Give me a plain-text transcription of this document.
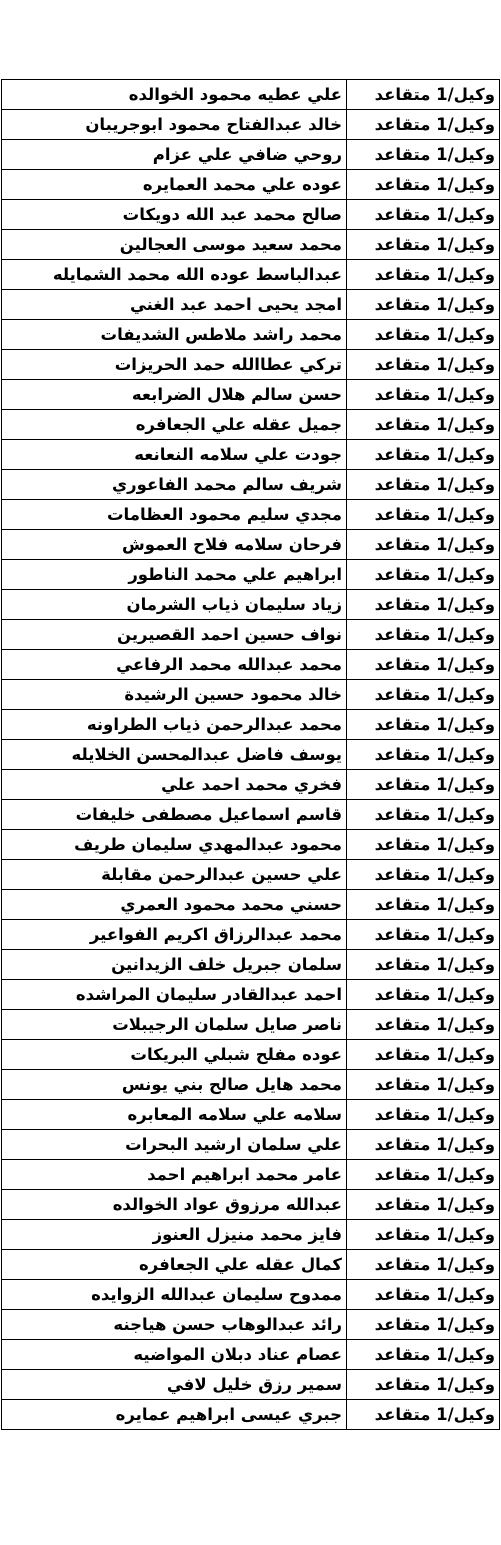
وكيل/1 متقاعد	علي عطيه محمود الخوالده
وكيل/1 متقاعد	خالد عبدالفتاح محمود ابوجريبان
وكيل/1 متقاعد	روحي ضافي علي عزام
وكيل/1 متقاعد	عوده علي محمد العمايره
وكيل/1 متقاعد	صالح محمد عبد الله دويكات
وكيل/1 متقاعد	محمد سعيد موسى العجالين
وكيل/1 متقاعد	عبدالباسط عوده الله محمد الشمايله
وكيل/1 متقاعد	امجد يحيى احمد عبد الغني
وكيل/1 متقاعد	محمد راشد ملاطس الشديفات
وكيل/1 متقاعد	تركي عطاالله حمد الحريزات
وكيل/1 متقاعد	حسن سالم هلال الضرابعه
وكيل/1 متقاعد	جميل عقله علي الجعافره
وكيل/1 متقاعد	جودت علي سلامه النعانعه
وكيل/1 متقاعد	شريف سالم محمد الفاعوري
وكيل/1 متقاعد	مجدي سليم محمود العظامات
وكيل/1 متقاعد	فرحان سلامه فلاح العموش
وكيل/1 متقاعد	ابراهيم علي محمد الناطور
وكيل/1 متقاعد	زياد سليمان ذياب الشرمان
وكيل/1 متقاعد	نواف حسين احمد القصيرين
وكيل/1 متقاعد	محمد عبدالله محمد الرفاعي
وكيل/1 متقاعد	خالد محمود حسين الرشيدة
وكيل/1 متقاعد	محمد عبدالرحمن ذياب الطراونه
وكيل/1 متقاعد	يوسف فاضل عبدالمحسن الخلايله
وكيل/1 متقاعد	فخري محمد احمد علي
وكيل/1 متقاعد	قاسم اسماعيل مصطفى خليفات
وكيل/1 متقاعد	محمود عبدالمهدي سليمان طريف
وكيل/1 متقاعد	علي حسين عبدالرحمن مقابلة
وكيل/1 متقاعد	حسني محمد محمود العمري
وكيل/1 متقاعد	محمد عبدالرزاق اكريم الفواعير
وكيل/1 متقاعد	سلمان جبريل خلف الزيدانين
وكيل/1 متقاعد	احمد عبدالقادر سليمان المراشده
وكيل/1 متقاعد	ناصر صايل سلمان الرجيبلات
وكيل/1 متقاعد	عوده مفلح شبلي البريكات
وكيل/1 متقاعد	محمد هايل صالح بني يونس
وكيل/1 متقاعد	سلامه علي سلامه المعابره
وكيل/1 متقاعد	علي سلمان ارشيد البحرات
وكيل/1 متقاعد	عامر محمد ابراهيم احمد
وكيل/1 متقاعد	عبدالله مرزوق عواد الخوالده
وكيل/1 متقاعد	فايز محمد منيزل العنوز
وكيل/1 متقاعد	كمال عقله علي الجعافره
وكيل/1 متقاعد	ممدوح سليمان عبدالله الزوايده
وكيل/1 متقاعد	رائد عبدالوهاب حسن هياجنه
وكيل/1 متقاعد	عصام عناد دبلان المواضيه
وكيل/1 متقاعد	سمير رزق خليل لافي
وكيل/1 متقاعد	جبري عيسى ابراهيم عمايره
